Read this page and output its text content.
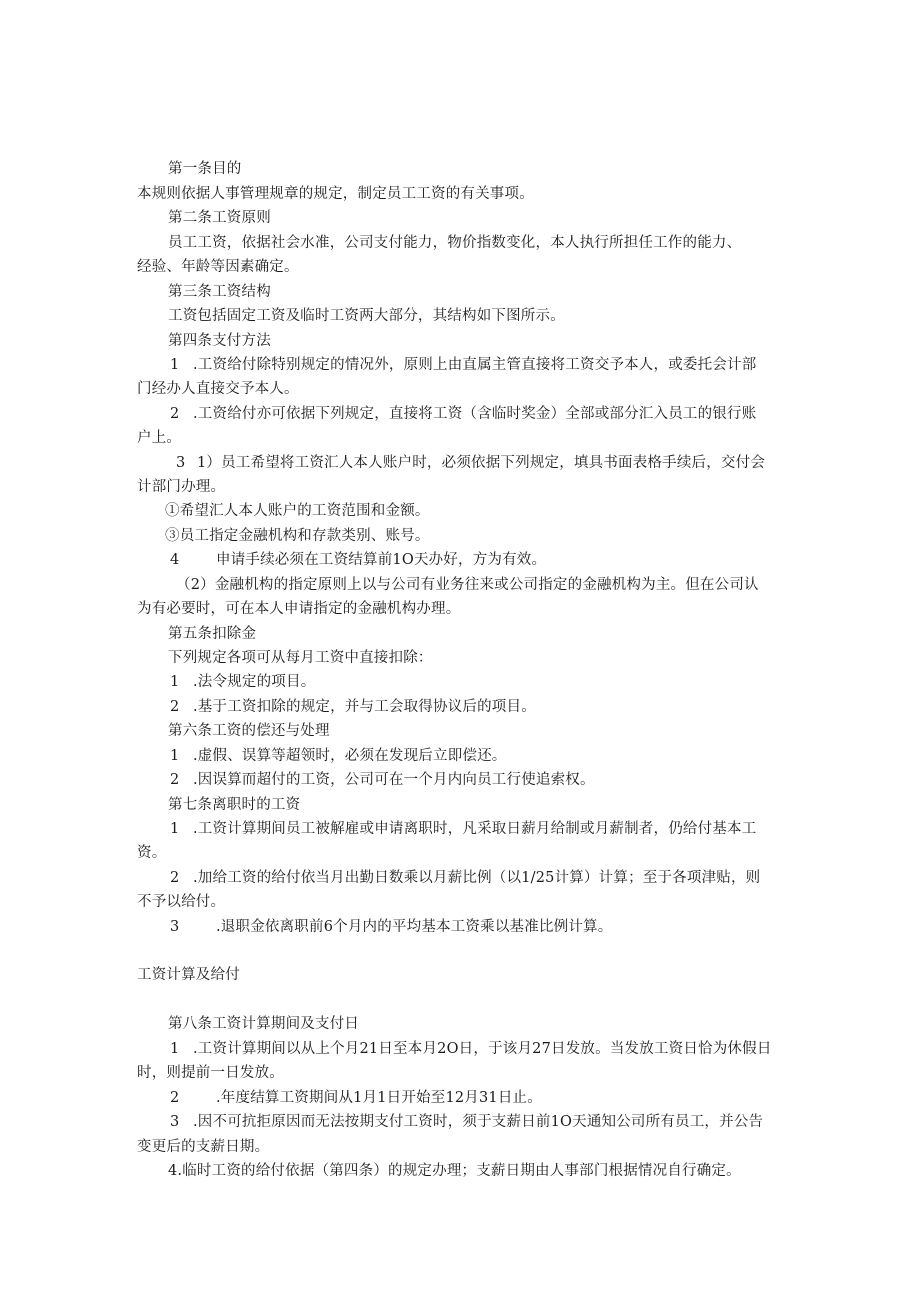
第一条目的
本规则依据人事管理规章的规定，制定员工工资的有关事项。
第二条工资原则
员工工资，依据社会水准，公司支付能力，物价指数变化，本人执行所担任工作的能力、
经验、年龄等因素确定。
第三条工资结构
工资包括固定工资及临时工资两大部分，其结构如下图所示。
第四条支付方法
1 .工资给付除特别规定的情况外，原则上由直属主管直接将工资交予本人，或委托会计部
门经办人直接交予本人。
2 .工资给付亦可依据下列规定，直接将工资（含临时奖金）全部或部分汇入员工的银行账
户上。
3 1）员工希望将工资汇人本人账户时，必须依据下列规定，填具书面表格手续后，交付会
计部门办理。
①希望汇人本人账户的工资范围和金额。
③员工指定金融机构和存款类别、账号。
4	申请手续必须在工资结算前1O天办好，方为有效。
（2）金融机构的指定原则上以与公司有业务往来或公司指定的金融机构为主。但在公司认
为有必要时，可在本人申请指定的金融机构办理。
第五条扣除金
下列规定各项可从每月工资中直接扣除：
1 .法令规定的项目。
2 .基于工资扣除的规定，并与工会取得协议后的项目。
第六条工资的偿还与处理
1 .虚假、误算等超领时，必须在发现后立即偿还。
2 .因误算而超付的工资，公司可在一个月内向员工行使追索权。
第七条离职时的工资
1 .工资计算期间员工被解雇或申请离职时，凡采取日薪月给制或月薪制者，仍给付基本工
资。
2 .加给工资的给付依当月出勤日数乘以月薪比例（以1/25计算）计算；至于各项津贴，则
不予以给付。
3	.退职金依离职前6个月内的平均基本工资乘以基准比例计算。
工资计算及给付
第八条工资计算期间及支付日
1 .工资计算期间以从上个月21日至本月2O日，于该月27日发放。当发放工资日恰为休假日
时，则提前一日发放。
2	.年度结算工资期间从1月1日开始至12月31日止。
3 .因不可抗拒原因而无法按期支付工资时，须于支薪日前1O天通知公司所有员工，并公告
变更后的支薪日期。
4.临时工资的给付依据（第四条）的规定办理；支薪日期由人事部门根据情况自行确定。
